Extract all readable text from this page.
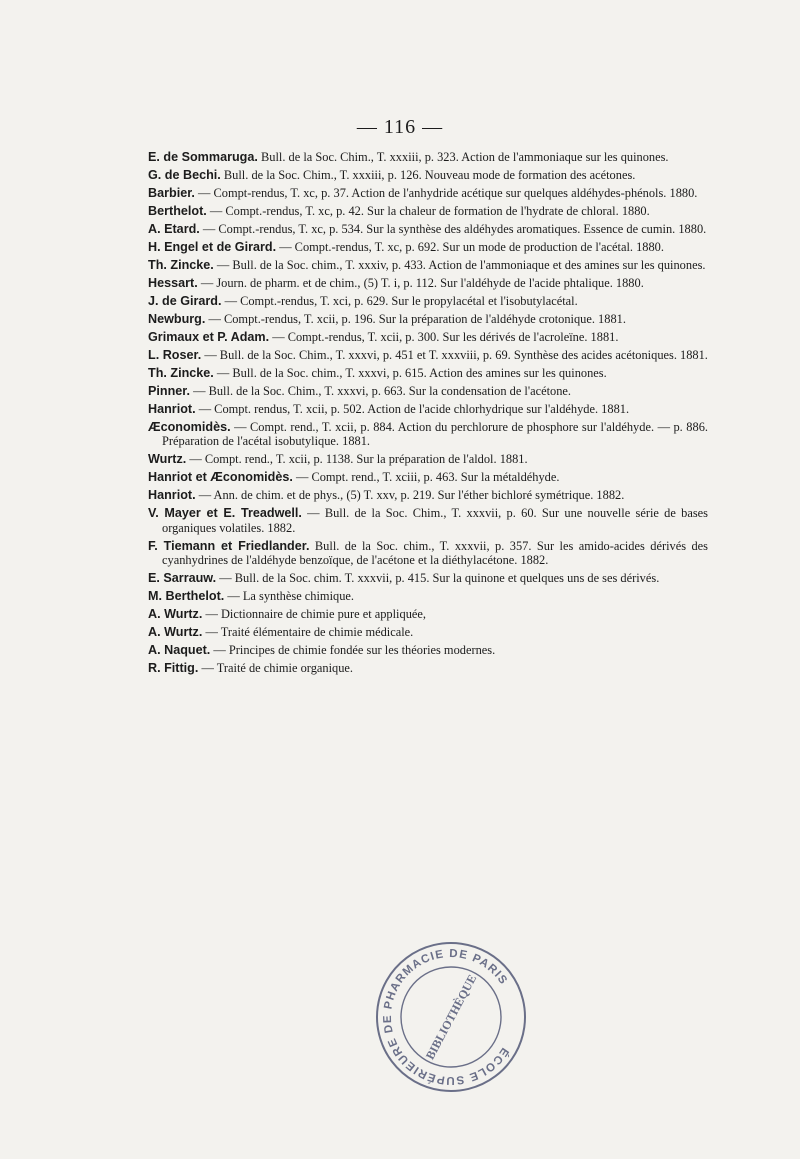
— 116 —
E. de Sommaruga. Bull. de la Soc. Chim., T. xxxiii, p. 323. Action de l'ammoniaque sur les quinones.
G. de Bechi. Bull. de la Soc. Chim., T. xxxiii, p. 126. Nouveau mode de formation des acétones.
Barbier. — Compt-rendus, T. xc, p. 37. Action de l'anhydride acétique sur quelques aldéhydes-phénols. 1880.
Berthelot. — Compt.-rendus, T. xc, p. 42. Sur la chaleur de formation de l'hydrate de chloral. 1880.
A. Etard. — Compt.-rendus, T. xc, p. 534. Sur la synthèse des aldéhydes aromatiques. Essence de cumin. 1880.
H. Engel et de Girard. — Compt.-rendus, T. xc, p. 692. Sur un mode de production de l'acétal. 1880.
Th. Zincke. — Bull. de la Soc. chim., T. xxxiv, p. 433. Action de l'ammoniaque et des amines sur les quinones.
Hessart. — Journ. de pharm. et de chim., (5) T. i, p. 112. Sur l'aldéhyde de l'acide phtalique. 1880.
J. de Girard. — Compt.-rendus, T. xci, p. 629. Sur le propylacétal et l'isobutylacétal.
Newburg. — Compt.-rendus, T. xcii, p. 196. Sur la préparation de l'aldéhyde crotonique. 1881.
Grimaux et P. Adam. — Compt.-rendus, T. xcii, p. 300. Sur les dérivés de l'acroleïne. 1881.
L. Roser. — Bull. de la Soc. Chim., T. xxxvi, p. 451 et T. xxxviii, p. 69. Synthèse des acides acétoniques. 1881.
Th. Zincke. — Bull. de la Soc. chim., T. xxxvi, p. 615. Action des amines sur les quinones.
Pinner. — Bull. de la Soc. Chim., T. xxxvi, p. 663. Sur la condensation de l'acétone.
Hanriot. — Compt. rendus, T. xcii, p. 502. Action de l'acide chlorhydrique sur l'aldéhyde. 1881.
Æconomidès. — Compt. rend., T. xcii, p. 884. Action du perchlorure de phosphore sur l'aldéhyde. — p. 886. Préparation de l'acétal isobutylique. 1881.
Wurtz. — Compt. rend., T. xcii, p. 1138. Sur la préparation de l'aldol. 1881.
Hanriot et Æconomidès. — Compt. rend., T. xciii, p. 463. Sur la métaldéhyde.
Hanriot. — Ann. de chim. et de phys., (5) T. xxv, p. 219. Sur l'éther bichloré symétrique. 1882.
V. Mayer et E. Treadwell. — Bull. de la Soc. Chim., T. xxxvii, p. 60. Sur une nouvelle série de bases organiques volatiles. 1882.
F. Tiemann et Friedlander. Bull. de la Soc. chim., T. xxxvii, p. 357. Sur les amido-acides dérivés des cyanhydrines de l'aldéhyde benzoïque, de l'acétone et la diéthylacétone. 1882.
E. Sarrauw. — Bull. de la Soc. chim. T. xxxvii, p. 415. Sur la quinone et quelques uns de ses dérivés.
M. Berthelot. — La synthèse chimique.
A. Wurtz. — Dictionnaire de chimie pure et appliquée,
A. Wurtz. — Traité élémentaire de chimie médicale.
A. Naquet. — Principes de chimie fondée sur les théories modernes.
R. Fittig. — Traité de chimie organique.
ÉCOLE SUPÉRIEURE DE PHARMACIE DE PARIS
BIBLIOTHÈQUE
